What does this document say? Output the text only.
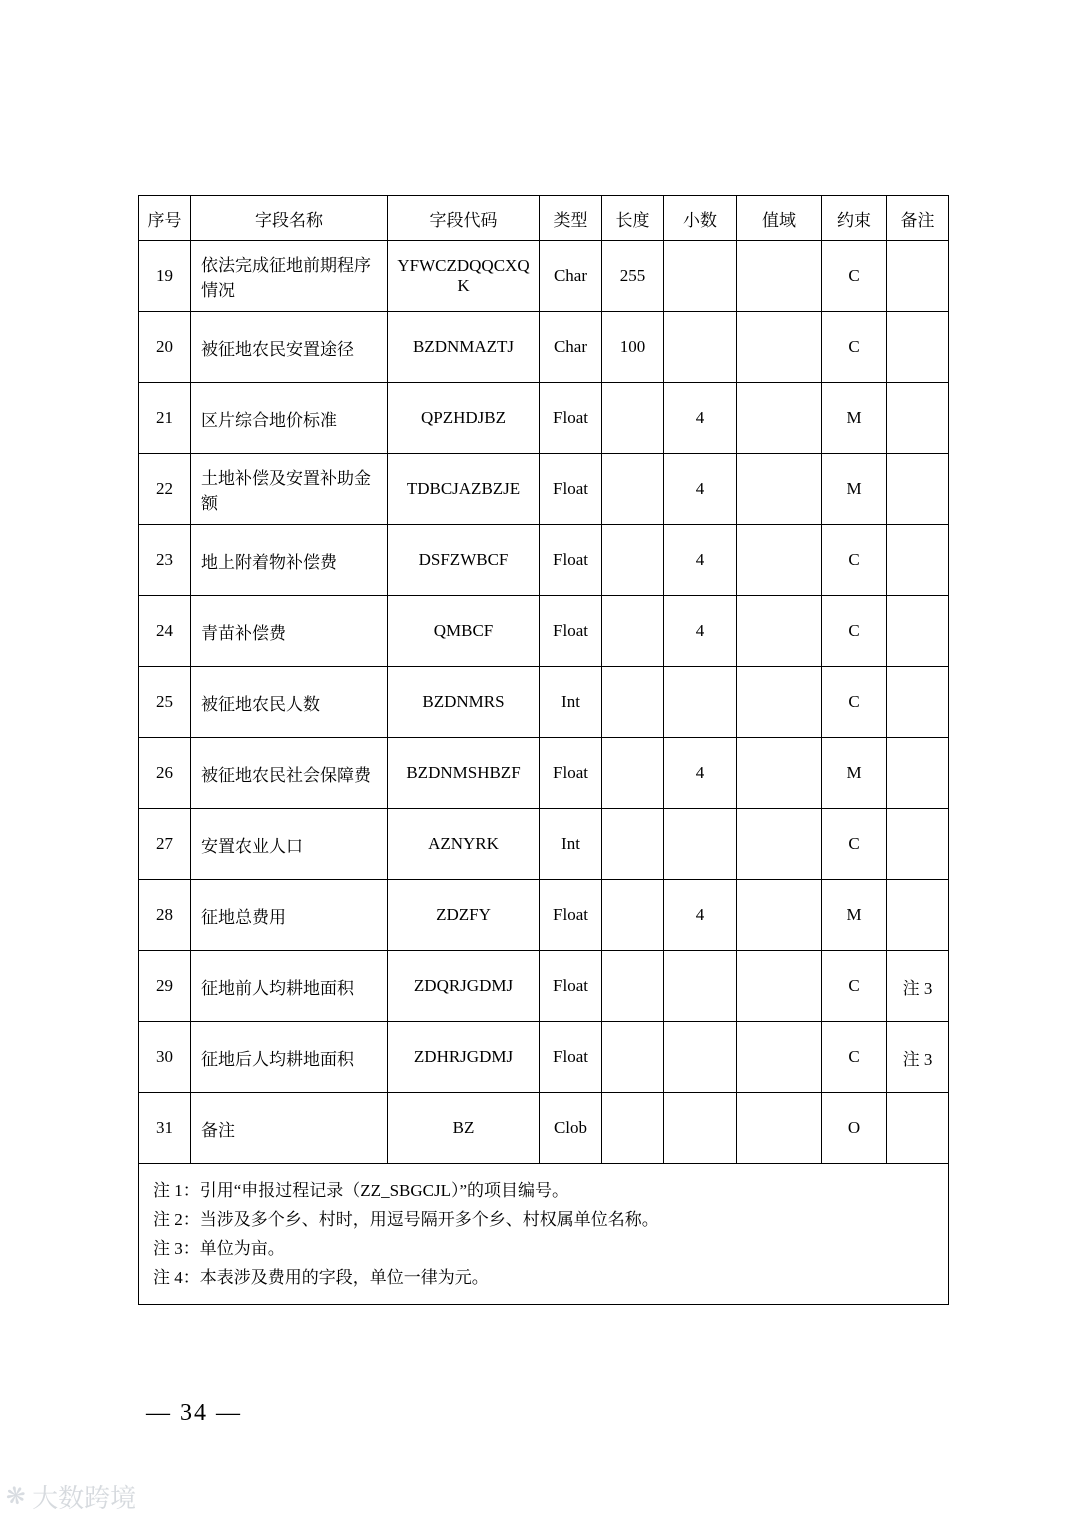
序号	字段名称	字段代码	类型	长度	小数	值域	约束	备注
19	依法完成征地前期程序情况	YFWCZDQQCXQK	Char	255			C	
20	被征地农民安置途径	BZDNMAZTJ	Char	100			C	
21	区片综合地价标准	QPZHDJBZ	Float		4		M	
22	土地补偿及安置补助金额	TDBCJAZBZJE	Float		4		M	
23	地上附着物补偿费	DSFZWBCF	Float		4		C	
24	青苗补偿费	QMBCF	Float		4		C	
25	被征地农民人数	BZDNMRS	Int				C	
26	被征地农民社会保障费	BZDNMSHBZF	Float		4		M	
27	安置农业人口	AZNYRK	Int				C	
28	征地总费用	ZDZFY	Float		4		M	
29	征地前人均耕地面积	ZDQRJGDMJ	Float				C	注 3
30	征地后人均耕地面积	ZDHRJGDMJ	Float				C	注 3
31	备注	BZ	Clob				O	

注 1：引用“申报过程记录（ZZ_SBGCJL）”的项目编号。
注 2：当涉及多个乡、村时，用逗号隔开多个乡、村权属单位名称。
注 3：单位为亩。
注 4：本表涉及费用的字段，单位一律为元。								
— 34 —
❋ 大数跨境
